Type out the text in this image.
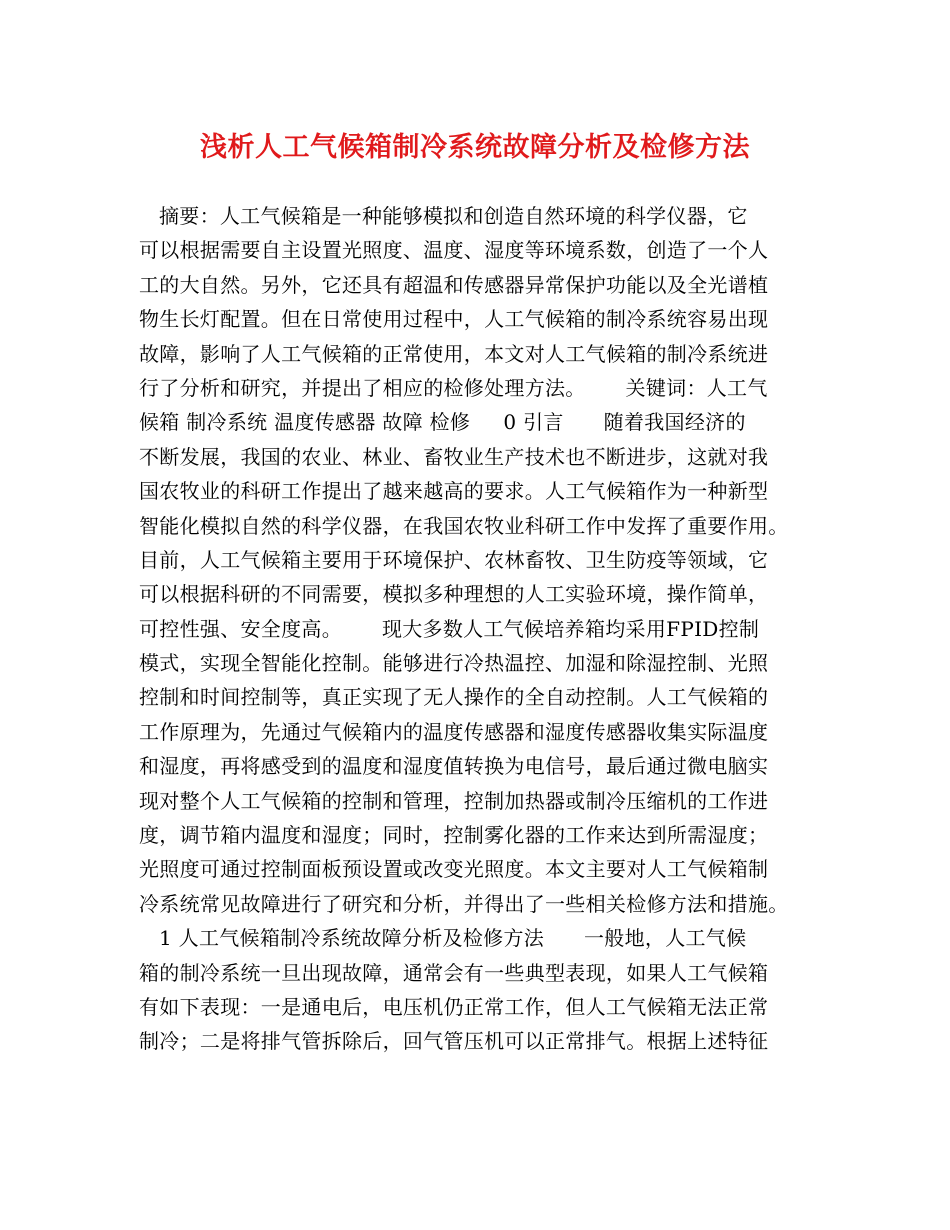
浅析人工气候箱制冷系统故障分析及检修方法
摘要：人工气候箱是一种能够模拟和创造自然环境的科学仪器，它
可以根据需要自主设置光照度、温度、湿度等环境系数，创造了一个人
工的大自然。另外，它还具有超温和传感器异常保护功能以及全光谱植
物生长灯配置。但在日常使用过程中，人工气候箱的制冷系统容易出现
故障，影响了人工气候箱的正常使用，本文对人工气候箱的制冷系统进
行了分析和研究，并提出了相应的检修处理方法。      关键词：人工气
候箱 制冷系统 温度传感器 故障 检修     0 引言      随着我国经济的
不断发展，我国的农业、林业、畜牧业生产技术也不断进步，这就对我
国农牧业的科研工作提出了越来越高的要求。人工气候箱作为一种新型
智能化模拟自然的科学仪器，在我国农牧业科研工作中发挥了重要作用。
目前，人工气候箱主要用于环境保护、农林畜牧、卫生防疫等领域，它
可以根据科研的不同需要，模拟多种理想的人工实验环境，操作简单，
可控性强、安全度高。      现大多数人工气候培养箱均采用FPID控制
模式，实现全智能化控制。能够进行冷热温控、加湿和除湿控制、光照
控制和时间控制等，真正实现了无人操作的全自动控制。人工气候箱的
工作原理为，先通过气候箱内的温度传感器和湿度传感器收集实际温度
和湿度，再将感受到的温度和湿度值转换为电信号，最后通过微电脑实
现对整个人工气候箱的控制和管理，控制加热器或制冷压缩机的工作进
度，调节箱内温度和湿度；同时，控制雾化器的工作来达到所需湿度；
光照度可通过控制面板预设置或改变光照度。本文主要对人工气候箱制
冷系统常见故障进行了研究和分析，并得出了一些相关检修方法和措施。
1 人工气候箱制冷系统故障分析及检修方法      一般地，人工气候
箱的制冷系统一旦出现故障，通常会有一些典型表现，如果人工气候箱
有如下表现：一是通电后，电压机仍正常工作，但人工气候箱无法正常
制冷；二是将排气管拆除后，回气管压机可以正常排气。根据上述特征
